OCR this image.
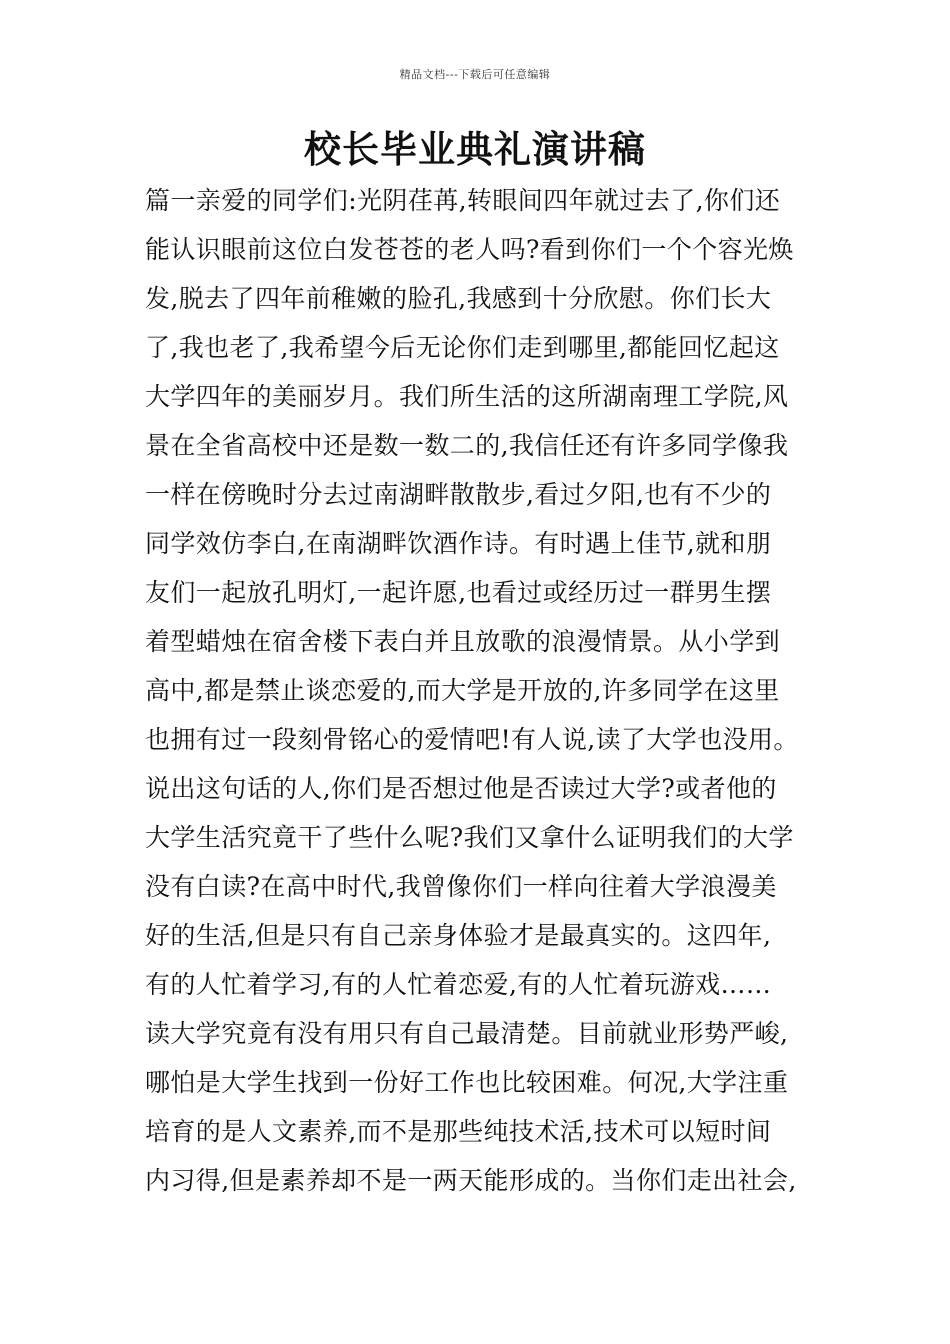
精品文档---下载后可任意编辑
校长毕业典礼演讲稿
篇一亲爱的同学们:光阴荏苒,转眼间四年就过去了,你们还
能认识眼前这位白发苍苍的老人吗?看到你们一个个容光焕
发,脱去了四年前稚嫩的脸孔,我感到十分欣慰。你们长大
了,我也老了,我希望今后无论你们走到哪里,都能回忆起这
大学四年的美丽岁月。我们所生活的这所湖南理工学院,风
景在全省高校中还是数一数二的,我信任还有许多同学像我
一样在傍晚时分去过南湖畔散散步,看过夕阳,也有不少的
同学效仿李白,在南湖畔饮酒作诗。有时遇上佳节,就和朋
友们一起放孔明灯,一起许愿,也看过或经历过一群男生摆
着型蜡烛在宿舍楼下表白并且放歌的浪漫情景。从小学到
高中,都是禁止谈恋爱的,而大学是开放的,许多同学在这里
也拥有过一段刻骨铭心的爱情吧!有人说,读了大学也没用。
说出这句话的人,你们是否想过他是否读过大学?或者他的
大学生活究竟干了些什么呢?我们又拿什么证明我们的大学
没有白读?在高中时代,我曾像你们一样向往着大学浪漫美
好的生活,但是只有自己亲身体验才是最真实的。这四年,
有的人忙着学习,有的人忙着恋爱,有的人忙着玩游戏……
读大学究竟有没有用只有自己最清楚。目前就业形势严峻,
哪怕是大学生找到一份好工作也比较困难。何况,大学注重
培育的是人文素养,而不是那些纯技术活,技术可以短时间
内习得,但是素养却不是一两天能形成的。当你们走出社会,
